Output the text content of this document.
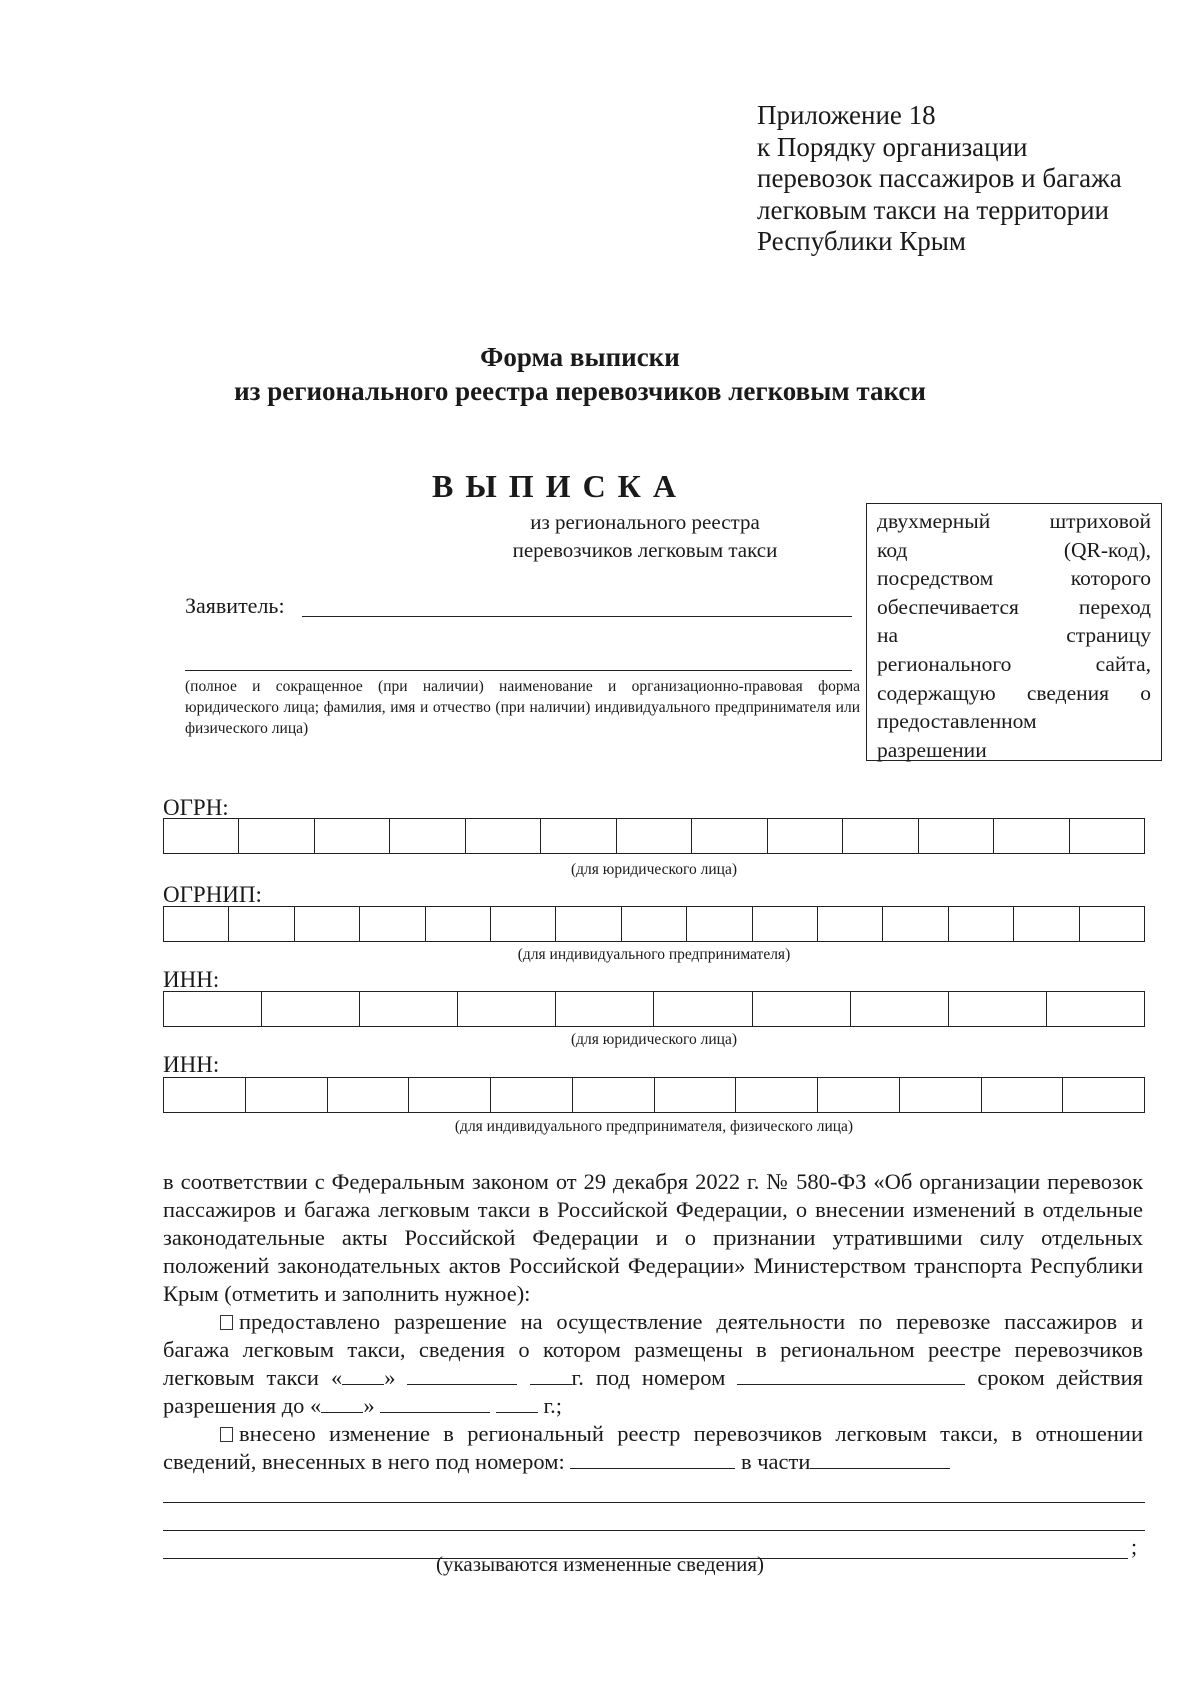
Приложение 18
к Порядку организации
перевозок пассажиров и багажа
легковым такси на территории
Республики Крым
Форма выписки
из регионального реестра перевозчиков легковым такси
ВЫПИСКА
из регионального реестра
перевозчиков легковым такси
двухмерный штриховой
код (QR-код),
посредством которого
обеспечивается переход
на страницу
регионального сайта,
содержащую сведения о
предоставленном
разрешении
Заявитель:
(полное и сокращенное (при наличии) наименование и организационно-правовая форма юридического лица; фамилия, имя и отчество (при наличии) индивидуального предпринимателя или физического лица)
ОГРН:
(для юридического лица)
ОГРНИП:
(для индивидуального предпринимателя)
ИНН:
(для юридического лица)
ИНН:
(для индивидуального предпринимателя, физического лица)

в соответствии с Федеральным законом от 29 декабря 2022 г. № 580-ФЗ «Об организации перевозок пассажиров и багажа легковым такси в Российской Федерации, о внесении изменений в отдельные законодательные акты Российской Федерации и о признании утратившими силу отдельных положений законодательных актов Российской Федерации» Министерством транспорта Республики Крым (отметить и заполнить нужное):

предоставлено разрешение на осуществление деятельности по перевозке пассажиров и багажа легковым такси, сведения о котором размещены в региональном реестре перевозчиков легковым такси « »	г. под номером	сроком действия разрешения до « »	г.;

внесено изменение в региональный реестр перевозчиков легковым такси, в отношении сведений, внесенных в него под номером:	в части

;
(указываются измененные сведения)
